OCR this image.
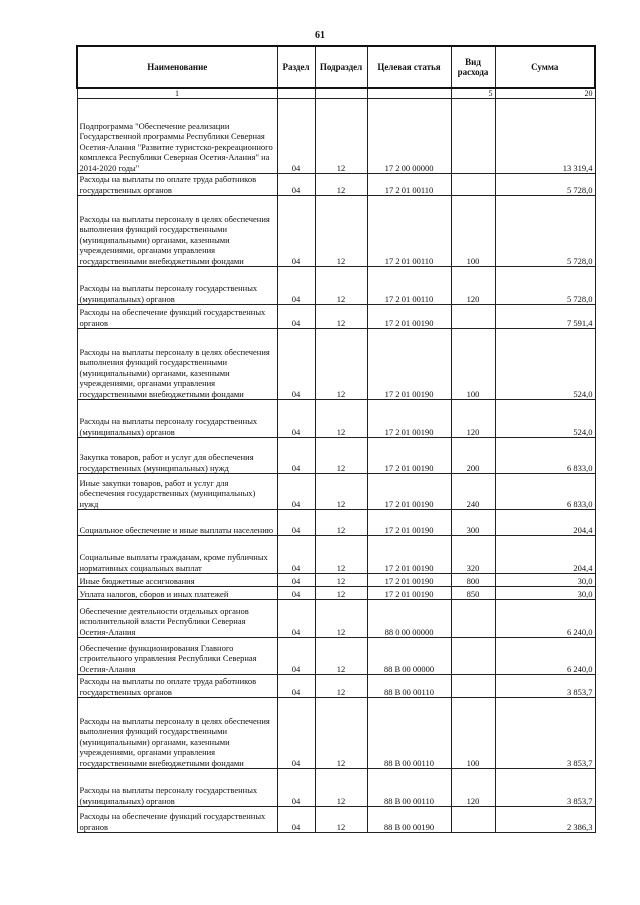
61
Наименование	Раздел	Подраздел	Целевая статья	Вид расхода	Сумма
1				5	20
Подпрограмма "Обеспечение реализации Государственной программы Республики Северная Осетия-Алания "Развитие туристско-рекреационного комплекса Республики Северная Осетия-Алания" на 2014-2020 годы"	04	12	17 2 00 00000		13 319,4
Расходы на выплаты по оплате труда работников государственных органов	04	12	17 2 01 00110		5 728,0
Расходы на выплаты персоналу в целях обеспечения выполнения функций государственными (муниципальными) органами, казенными учреждениями, органами управления государственными внебюджетными фондами	04	12	17 2 01 00110	100	5 728,0
Расходы на выплаты персоналу государственных (муниципальных) органов	04	12	17 2 01 00110	120	5 728,0
Расходы на обеспечение функций государственных органов	04	12	17 2 01 00190		7 591,4
Расходы на выплаты персоналу в целях обеспечения выполнения функций государственными (муниципальными) органами, казенными учреждениями, органами управления государственными внебюджетными фондами	04	12	17 2 01 00190	100	524,0
Расходы на выплаты персоналу государственных (муниципальных) органов	04	12	17 2 01 00190	120	524,0
Закупка товаров, работ и услуг для обеспечения государственных (муниципальных) нужд	04	12	17 2 01 00190	200	6 833,0
Иные закупки товаров, работ и услуг для обеспечения государственных (муниципальных) нужд	04	12	17 2 01 00190	240	6 833,0
Социальное обеспечение и иные выплаты населению	04	12	17 2 01 00190	300	204,4
Социальные выплаты гражданам, кроме публичных нормативных социальных выплат	04	12	17 2 01 00190	320	204,4
Иные бюджетные ассигнования	04	12	17 2 01 00190	800	30,0
Уплата налогов, сборов и иных платежей	04	12	17 2 01 00190	850	30,0
Обеспечение деятельности отдельных органов исполнительной власти Республики Северная Осетия-Алания	04	12	88 0 00 00000		6 240,0
Обеспечение функционирования Главного строительного управления Республики Северная Осетия-Алания	04	12	88 В 00 00000		6 240,0
Расходы на выплаты по оплате труда работников государственных органов	04	12	88 В 00 00110		3 853,7
Расходы на выплаты персоналу в целях обеспечения выполнения функций государственными (муниципальными) органами, казенными учреждениями, органами управления государственными внебюджетными фондами	04	12	88 В 00 00110	100	3 853,7
Расходы на выплаты персоналу государственных (муниципальных) органов	04	12	88 В 00 00110	120	3 853,7
Расходы на обеспечение функций государственных органов	04	12	88 В 00 00190		2 386,3
